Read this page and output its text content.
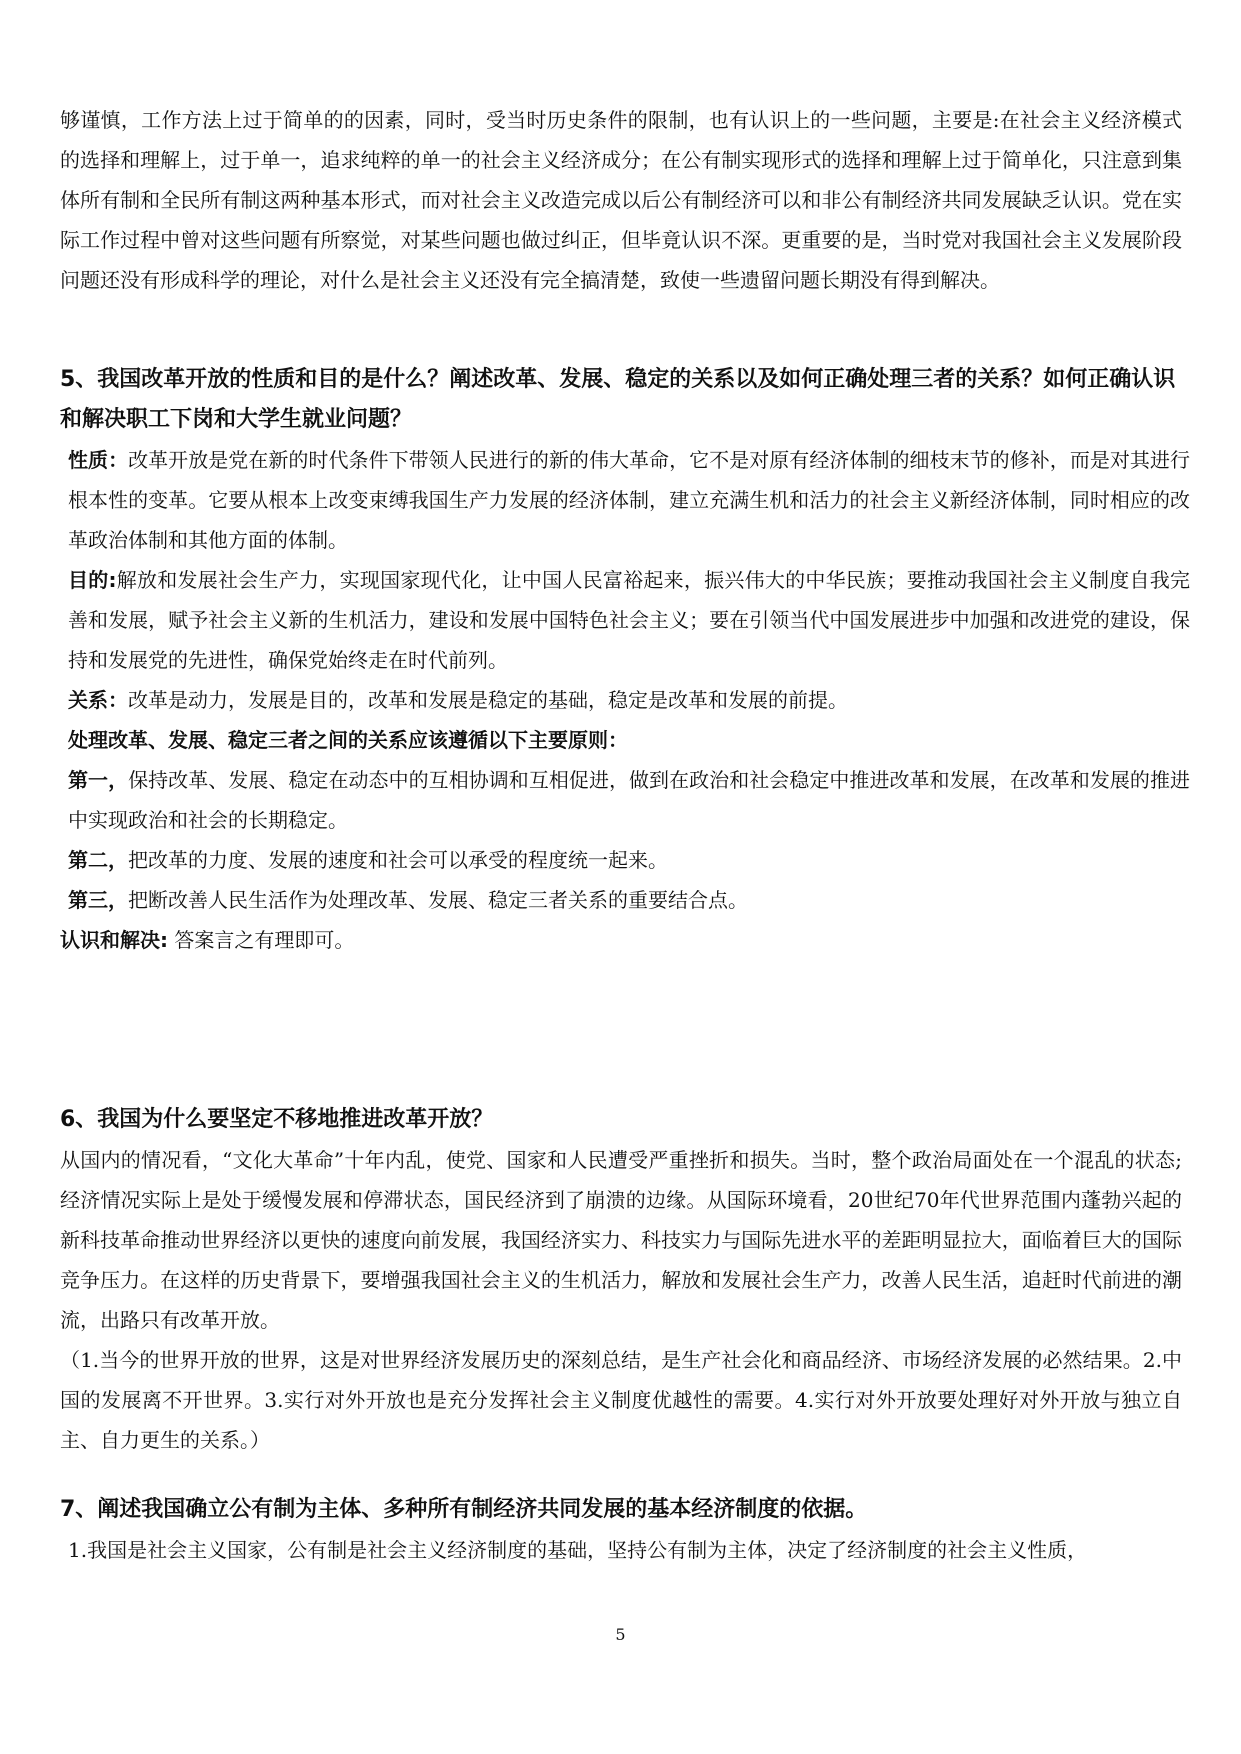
够谨慎，工作方法上过于简单的的因素，同时，受当时历史条件的限制，也有认识上的一些问题，主要是:在社会主义经济模式的选择和理解上，过于单一，追求纯粹的单一的社会主义经济成分；在公有制实现形式的选择和理解上过于简单化，只注意到集体所有制和全民所有制这两种基本形式，而对社会主义改造完成以后公有制经济可以和非公有制经济共同发展缺乏认识。党在实际工作过程中曾对这些问题有所察觉，对某些问题也做过纠正，但毕竟认识不深。更重要的是，当时党对我国社会主义发展阶段问题还没有形成科学的理论，对什么是社会主义还没有完全搞清楚，致使一些遗留问题长期没有得到解决。

5、我国改革开放的性质和目的是什么？阐述改革、发展、稳定的关系以及如何正确处理三者的关系？如何正确认识和解决职工下岗和大学生就业问题？

性质：改革开放是党在新的时代条件下带领人民进行的新的伟大革命，它不是对原有经济体制的细枝末节的修补，而是对其进行根本性的变革。它要从根本上改变束缚我国生产力发展的经济体制，建立充满生机和活力的社会主义新经济体制，同时相应的改革政治体制和其他方面的体制。

目的:解放和发展社会生产力，实现国家现代化，让中国人民富裕起来，振兴伟大的中华民族；要推动我国社会主义制度自我完善和发展，赋予社会主义新的生机活力，建设和发展中国特色社会主义；要在引领当代中国发展进步中加强和改进党的建设，保持和发展党的先进性，确保党始终走在时代前列。

关系：改革是动力，发展是目的，改革和发展是稳定的基础，稳定是改革和发展的前提。

处理改革、发展、稳定三者之间的关系应该遵循以下主要原则：

第一，保持改革、发展、稳定在动态中的互相协调和互相促进，做到在政治和社会稳定中推进改革和发展，在改革和发展的推进中实现政治和社会的长期稳定。

第二，把改革的力度、发展的速度和社会可以承受的程度统一起来。

第三，把断改善人民生活作为处理改革、发展、稳定三者关系的重要结合点。

认识和解决: 答案言之有理即可。

6、我国为什么要坚定不移地推进改革开放？

从国内的情况看，“文化大革命”十年内乱，使党、国家和人民遭受严重挫折和损失。当时，整个政治局面处在一个混乱的状态;经济情况实际上是处于缓慢发展和停滞状态，国民经济到了崩溃的边缘。从国际环境看，20世纪70年代世界范围内蓬勃兴起的新科技革命推动世界经济以更快的速度向前发展，我国经济实力、科技实力与国际先进水平的差距明显拉大，面临着巨大的国际竞争压力。在这样的历史背景下，要增强我国社会主义的生机活力，解放和发展社会生产力，改善人民生活，追赶时代前进的潮流，出路只有改革开放。

（1.当今的世界开放的世界，这是对世界经济发展历史的深刻总结，是生产社会化和商品经济、市场经济发展的必然结果。2.中国的发展离不开世界。3.实行对外开放也是充分发挥社会主义制度优越性的需要。4.实行对外开放要处理好对外开放与独立自主、自力更生的关系。）

7、阐述我国确立公有制为主体、多种所有制经济共同发展的基本经济制度的依据。

1.我国是社会主义国家，公有制是社会主义经济制度的基础，坚持公有制为主体，决定了经济制度的社会主义性质，

5
